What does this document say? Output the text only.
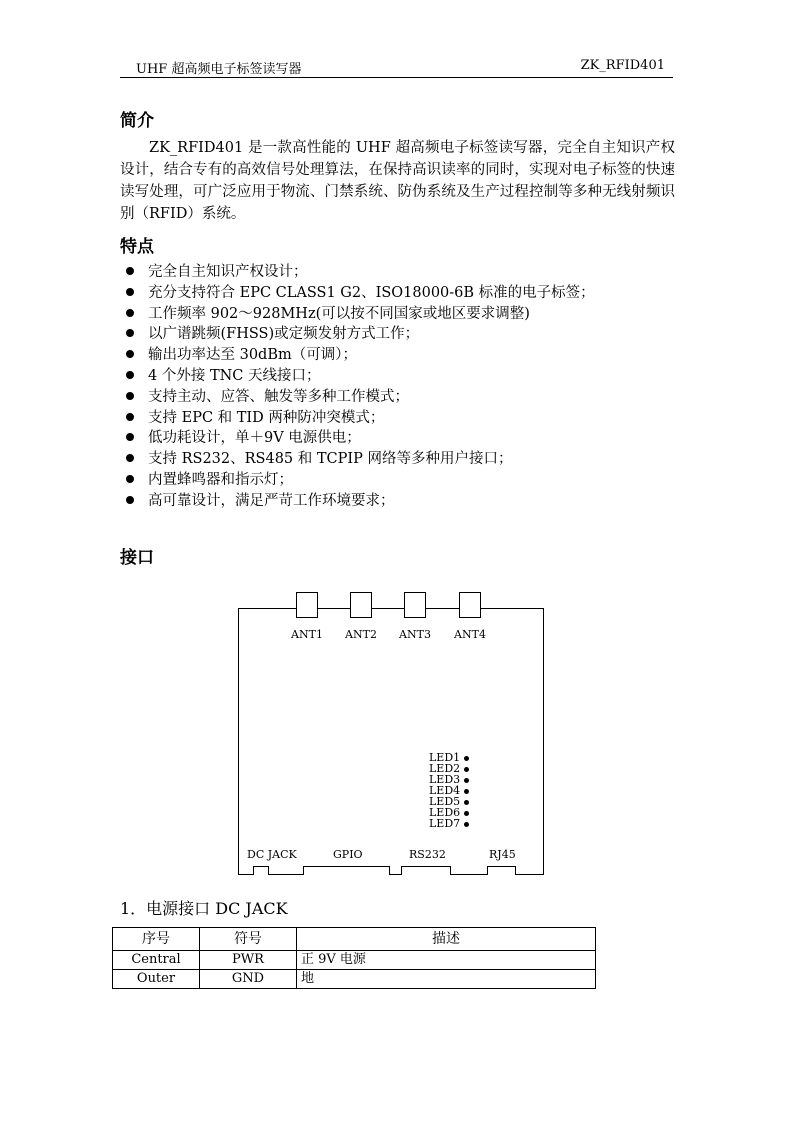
UHF 超高频电子标签读写器	ZK_RFID401
简介

ZK_RFID401 是一款高性能的 UHF 超高频电子标签读写器，完全自主知识产权设计，结合专有的高效信号处理算法，在保持高识读率的同时，实现对电子标签的快速读写处理，可广泛应用于物流、门禁系统、防伪系统及生产过程控制等多种无线射频识别（RFID）系统。

特点
完全自主知识产权设计；
充分支持符合 EPC CLASS1 G2、ISO18000-6B 标准的电子标签；
工作频率 902～928MHz(可以按不同国家或地区要求调整)
以广谱跳频(FHSS)或定频发射方式工作；
输出功率达至 30dBm（可调）；
4 个外接 TNC 天线接口；
支持主动、应答、触发等多种工作模式；
支持 EPC 和 TID 两种防冲突模式；
低功耗设计，单＋9V 电源供电；
支持 RS232、RS485 和 TCPIP 网络等多种用户接口；
内置蜂鸣器和指示灯；
高可靠设计，满足严苛工作环境要求；
接口
ANT1	ANT2	ANT3	ANT4
LED1
LED2
LED3
LED4
LED5
LED6
LED7
DC JACK	GPIO	RS232	RJ45
1．电源接口 DC JACK
序号	符号	描述
Central	PWR	正 9V 电源
Outer	GND	地
